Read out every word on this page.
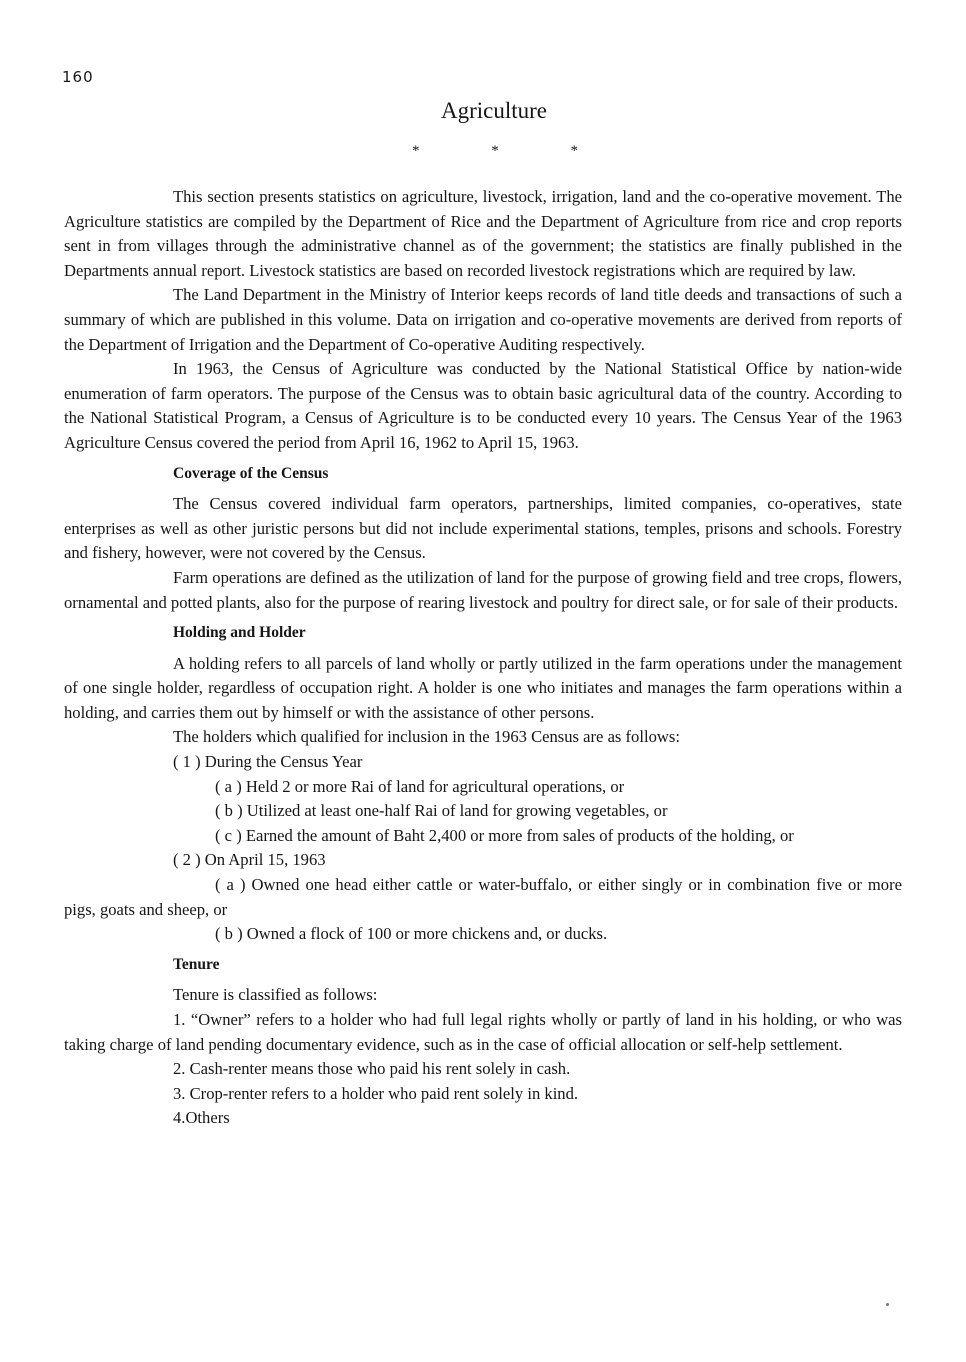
160
Agriculture
* * *

This section presents statistics on agriculture, livestock, irrigation, land and the co-operative movement. The Agriculture statistics are compiled by the Department of Rice and the Department of Agriculture from rice and crop reports sent in from villages through the administrative channel as of the government; the statistics are finally published in the Departments annual report. Livestock statistics are based on recorded livestock registrations which are required by law.

The Land Department in the Ministry of Interior keeps records of land title deeds and transactions of such a summary of which are published in this volume. Data on irrigation and co-operative movements are derived from reports of the Department of Irrigation and the Department of Co-operative Auditing respectively.

In 1963, the Census of Agriculture was conducted by the National Statistical Office by nation-wide enumeration of farm operators. The purpose of the Census was to obtain basic agricultural data of the country. According to the National Statistical Program, a Census of Agriculture is to be conducted every 10 years. The Census Year of the 1963 Agriculture Census covered the period from April 16, 1962 to April 15, 1963.

Coverage of the Census

The Census covered individual farm operators, partnerships, limited companies, co-operatives, state enterprises as well as other juristic persons but did not include experimental stations, temples, prisons and schools. Forestry and fishery, however, were not covered by the Census.

Farm operations are defined as the utilization of land for the purpose of growing field and tree crops, flowers, ornamental and potted plants, also for the purpose of rearing livestock and poultry for direct sale, or for sale of their products.

Holding and Holder

A holding refers to all parcels of land wholly or partly utilized in the farm operations under the management of one single holder, regardless of occupation right. A holder is one who initiates and manages the farm operations within a holding, and carries them out by himself or with the assistance of other persons.

The holders which qualified for inclusion in the 1963 Census are as follows:

( 1 ) During the Census Year

( a ) Held 2 or more Rai of land for agricultural operations, or

( b ) Utilized at least one-half Rai of land for growing vegetables, or

( c ) Earned the amount of Baht 2,400 or more from sales of products of the holding, or

( 2 ) On April 15, 1963

( a ) Owned one head either cattle or water-buffalo, or either singly or in combination five or more pigs, goats and sheep, or

( b ) Owned a flock of 100 or more chickens and, or ducks.

Tenure

Tenure is classified as follows:

1. “Owner” refers to a holder who had full legal rights wholly or partly of land in his holding, or who was taking charge of land pending documentary evidence, such as in the case of official allocation or self-help settlement.

2. Cash-renter means those who paid his rent solely in cash.

3. Crop-renter refers to a holder who paid rent solely in kind.

4.Others
